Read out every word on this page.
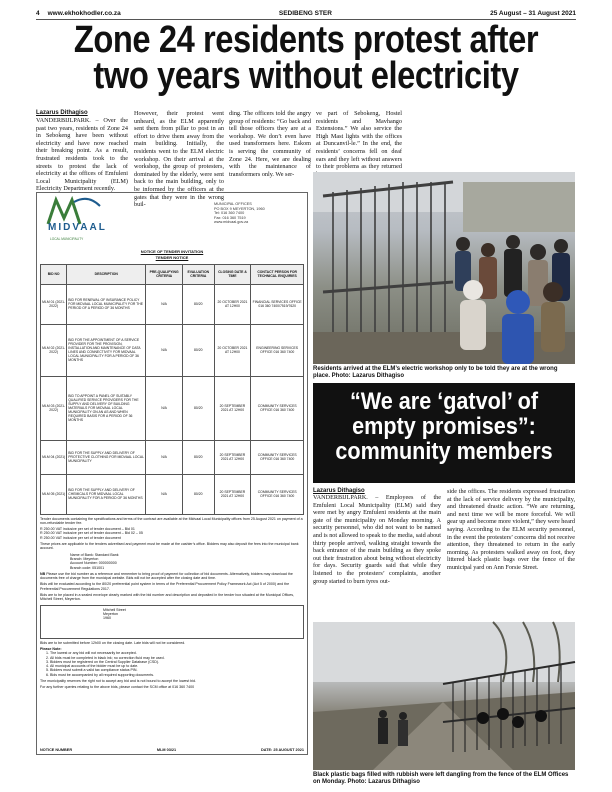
4 www.ekhokhodler.co.za	SEDIBENG STER	25 August – 31 August 2021
Zone 24 residents protest after two years without electricity
Lazarus Dithagiso
VANDERBIJLPARK. – Over the past two years, residents of Zone 24 in Sebokeng have been without electricity and have now reached their breaking point. As a result, frustrated residents took to the streets to protest the lack of electricity at the offices of Emfuleni Local Municipality (ELM) Electricity Department recently.
However, their protest went unheard, as the ELM apparently sent them from pillar to post in an effort to drive them away from the main building. Initially, the residents went to the ELM electric workshop. On their arrival at the workshop, the group of protesters, dominated by the elderly, were sent back to the main building, only to be informed by the officers at the gates that they were in the wrong buil-
ding. The officers told the angry group of residents: “Go back and tell those officers they are at a workshop. We don’t even have used transformers here. Eskom is serving the community of Zone 24. Here, we are dealing with the maintenance of transformers only. We ser-
ve part of Sebokeng, Hostel residents and Mavhango Extensions.” We also service the High Mast lights with the offices at Duncanvil-le.” In the end, the residents’ concerns fell on deaf ears and they left without answers to their problems as they returned
MIDVAAL
LOCAL MUNICIPALITY
MUNICIPAL OFFICES
PO BOX 9 MEYERTON, 1960
Tel: 016 360 7400
Fax: 016 360 7519
www.midvaal.gov.za
NOTICE OF TENDER INVITATION
TENDER NOTICE
BID NO	DESCRIPTION	PRE-QUALIFYING CRITERIA	EVALUATION CRITERIA	CLOSING DATE & TIME	CONTACT PERSON FOR TECHNICAL ENQUIRIES
MLM 01 (2021-2022)	BID FOR RENEWAL OF INSURANCE POLICY FOR MIDVAAL LOCAL MUNICIPALITY FOR THE PERIOD OF A PERIOD OF 36 MONTHS	N/A	80/20	20 OCTOBER 2021 AT 12H00	FINANCIAL SERVICES OFFICE 016 360 7400/7519/7620
MLM 02 (2021-2022)	BID FOR THE APPOINTMENT OF A SERVICE PROVIDER FOR THE PROVISION, INSTALLATION AND MAINTENANCE OF DATA LINES AND CONNECTIVITY FOR MIDVAAL LOCAL MUNICIPALITY FOR A PERIOD OF 36 MONTHS	N/A	80/20	20 OCTOBER 2021 AT 12H00	ENGINEERING SERVICES OFFICE 016 360 7400
MLM 03 (2021-2022)	BID TO APPOINT A PANEL OF SUITABLY QUALIFIED SERVICE PROVIDERS FOR THE SUPPLY AND DELIVERY OF BUILDING MATERIALS FOR MIDVAAL LOCAL MUNICIPALITY ON AN AS AND WHEN REQUIRED BASIS FOR A PERIOD OF 36 MONTHS	N/A	80/20	20 SEPTEMBER 2021 AT 12H00	COMMUNITY SERVICES OFFICE 016 360 7400
MLM 04 (2021)	BID FOR THE SUPPLY AND DELIVERY OF PROTECTIVE CLOTHING FOR MIDVAAL LOCAL MUNICIPALITY	N/A	80/20	20 SEPTEMBER 2021 AT 12H00	COMMUNITY SERVICES OFFICE 016 360 7400
MLM 05 (2021)	BID FOR THE SUPPLY AND DELIVERY OF CHEMICALS FOR MIDVAAL LOCAL MUNICIPALITY FOR A PERIOD OF 36 MONTHS	N/A	80/20	20 SEPTEMBER 2021 AT 12H00	COMMUNITY SERVICES OFFICE 016 360 7400

Tender documents containing the specifications and terms of the contract are available at the Midvaal Local Municipality offices from 25 August 2021 on payment of a non-refundable tender fee.

R 250.00 VAT inclusive per set of tender document – Bid 01

R 250.00 VAT inclusive per set of tender document – Bid 02 – 05

R 250.00 VAT inclusive per set of tender document

These prices are applicable to the tenders advertised and payment must be made at the cashier’s office. Bidders may also deposit the fees into the municipal bank account.

Name of Bank: Standard Bank
Branch: Meyerton
Account Number: 000000000
Branch code: 051001

NB Please use the bid number as a reference and remember to bring proof of payment for collection of bid documents. Alternatively, bidders may download the documents free of charge from the municipal website. Bids will not be accepted after the closing date and time.

Bids will be evaluated according to the 80/20 preferential point system in terms of the Preferential Procurement Policy Framework Act (Act 5 of 2000) and the Preferential Procurement Regulations 2017.

Bids are to be placed in a sealed envelope clearly marked with the bid number and description and deposited in the tender box situated at the Municipal Offices, Mitchell Street, Meyerton.

Mitchell Street
Meyerton
1960

Bids are to be submitted before 12h00 on the closing date. Late bids will not be considered.

Please Note:

1. The lowest or any bid will not necessarily be accepted.
2. All bids must be completed in black ink; no correction fluid may be used.
3. Bidders must be registered on the Central Supplier Database (CSD).
4. All municipal accounts of the bidder must be up to date.
5. Bidders must submit a valid tax compliance status PIN.
6. Bids must be accompanied by all required supporting documents.

The municipality reserves the right not to accept any bid and is not bound to accept the lowest bid.

For any further queries relating to the above bids, please contact the SCM office at 016 360 7400

NOTICE NUMBER	MLM 03/21	DATE: 25 AUGUST 2021
Residents arrived at the ELM’s electric workshop only to be told they are at the wrong place. Photo: Lazarus Dithagiso
“We are ‘gatvol’ of empty promises”: community members
Lazarus Dithagiso
VANDERBIJLPARK. – Employees of the Emfuleni Local Municipality (ELM) said they were met by angry Emfuleni residents at the main gate of the municipality on Monday morning. A security personnel, who did not want to be named and is not allowed to speak to the media, said about thirty people arrived, walking straight towards the back entrance of the main building as they spoke out their frustration about being without electricity for days. Security guards said that while they listened to the protesters’ complaints, another group started to burn tyres out-
side the offices. The residents expressed frustration at the lack of service delivery by the municipality, and threatened drastic action. “We are returning, and next time we will be more forceful. We will gear up and become more violent,” they were heard saying. According to the ELM security personnel, in the event the protesters’ concerns did not receive attention, they threatened to return in the early morning. As protesters walked away on foot, they littered black plastic bags over the fence of the municipal yard on Ann Forsie Street.
Black plastic bags filled with rubbish were left dangling from the fence of the ELM Offices on Monday. Photo: Lazarus Dithagiso
